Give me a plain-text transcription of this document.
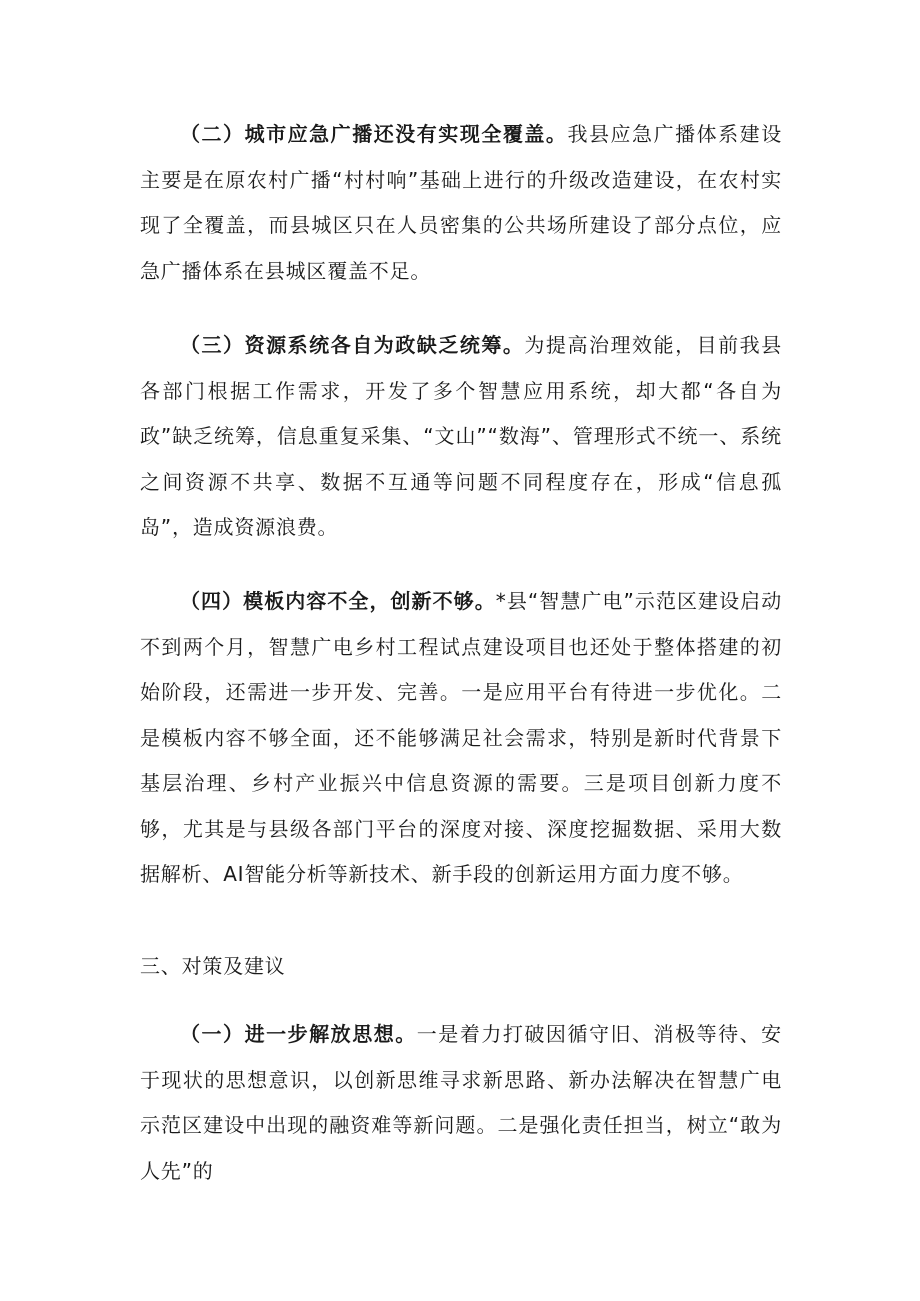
（二）城市应急广播还没有实现全覆盖。我县应急广播体系建设主要是在原农村广播“村村响”基础上进行的升级改造建设，在农村实现了全覆盖，而县城区只在人员密集的公共场所建设了部分点位，应急广播体系在县城区覆盖不足。

（三）资源系统各自为政缺乏统筹。为提高治理效能，目前我县各部门根据工作需求，开发了多个智慧应用系统，却大都“各自为政”缺乏统筹，信息重复采集、“文山”“数海”、管理形式不统一、系统之间资源不共享、数据不互通等问题不同程度存在，形成“信息孤岛”，造成资源浪费。

（四）模板内容不全，创新不够。*县“智慧广电”示范区建设启动不到两个月，智慧广电乡村工程试点建设项目也还处于整体搭建的初始阶段，还需进一步开发、完善。一是应用平台有待进一步优化。二是模板内容不够全面，还不能够满足社会需求，特别是新时代背景下基层治理、乡村产业振兴中信息资源的需要。三是项目创新力度不够，尤其是与县级各部门平台的深度对接、深度挖掘数据、采用大数据解析、AI智能分析等新技术、新手段的创新运用方面力度不够。

三、对策及建议

（一）进一步解放思想。一是着力打破因循守旧、消极等待、安于现状的思想意识，以创新思维寻求新思路、新办法解决在智慧广电示范区建设中出现的融资难等新问题。二是强化责任担当，树立“敢为人先”的
